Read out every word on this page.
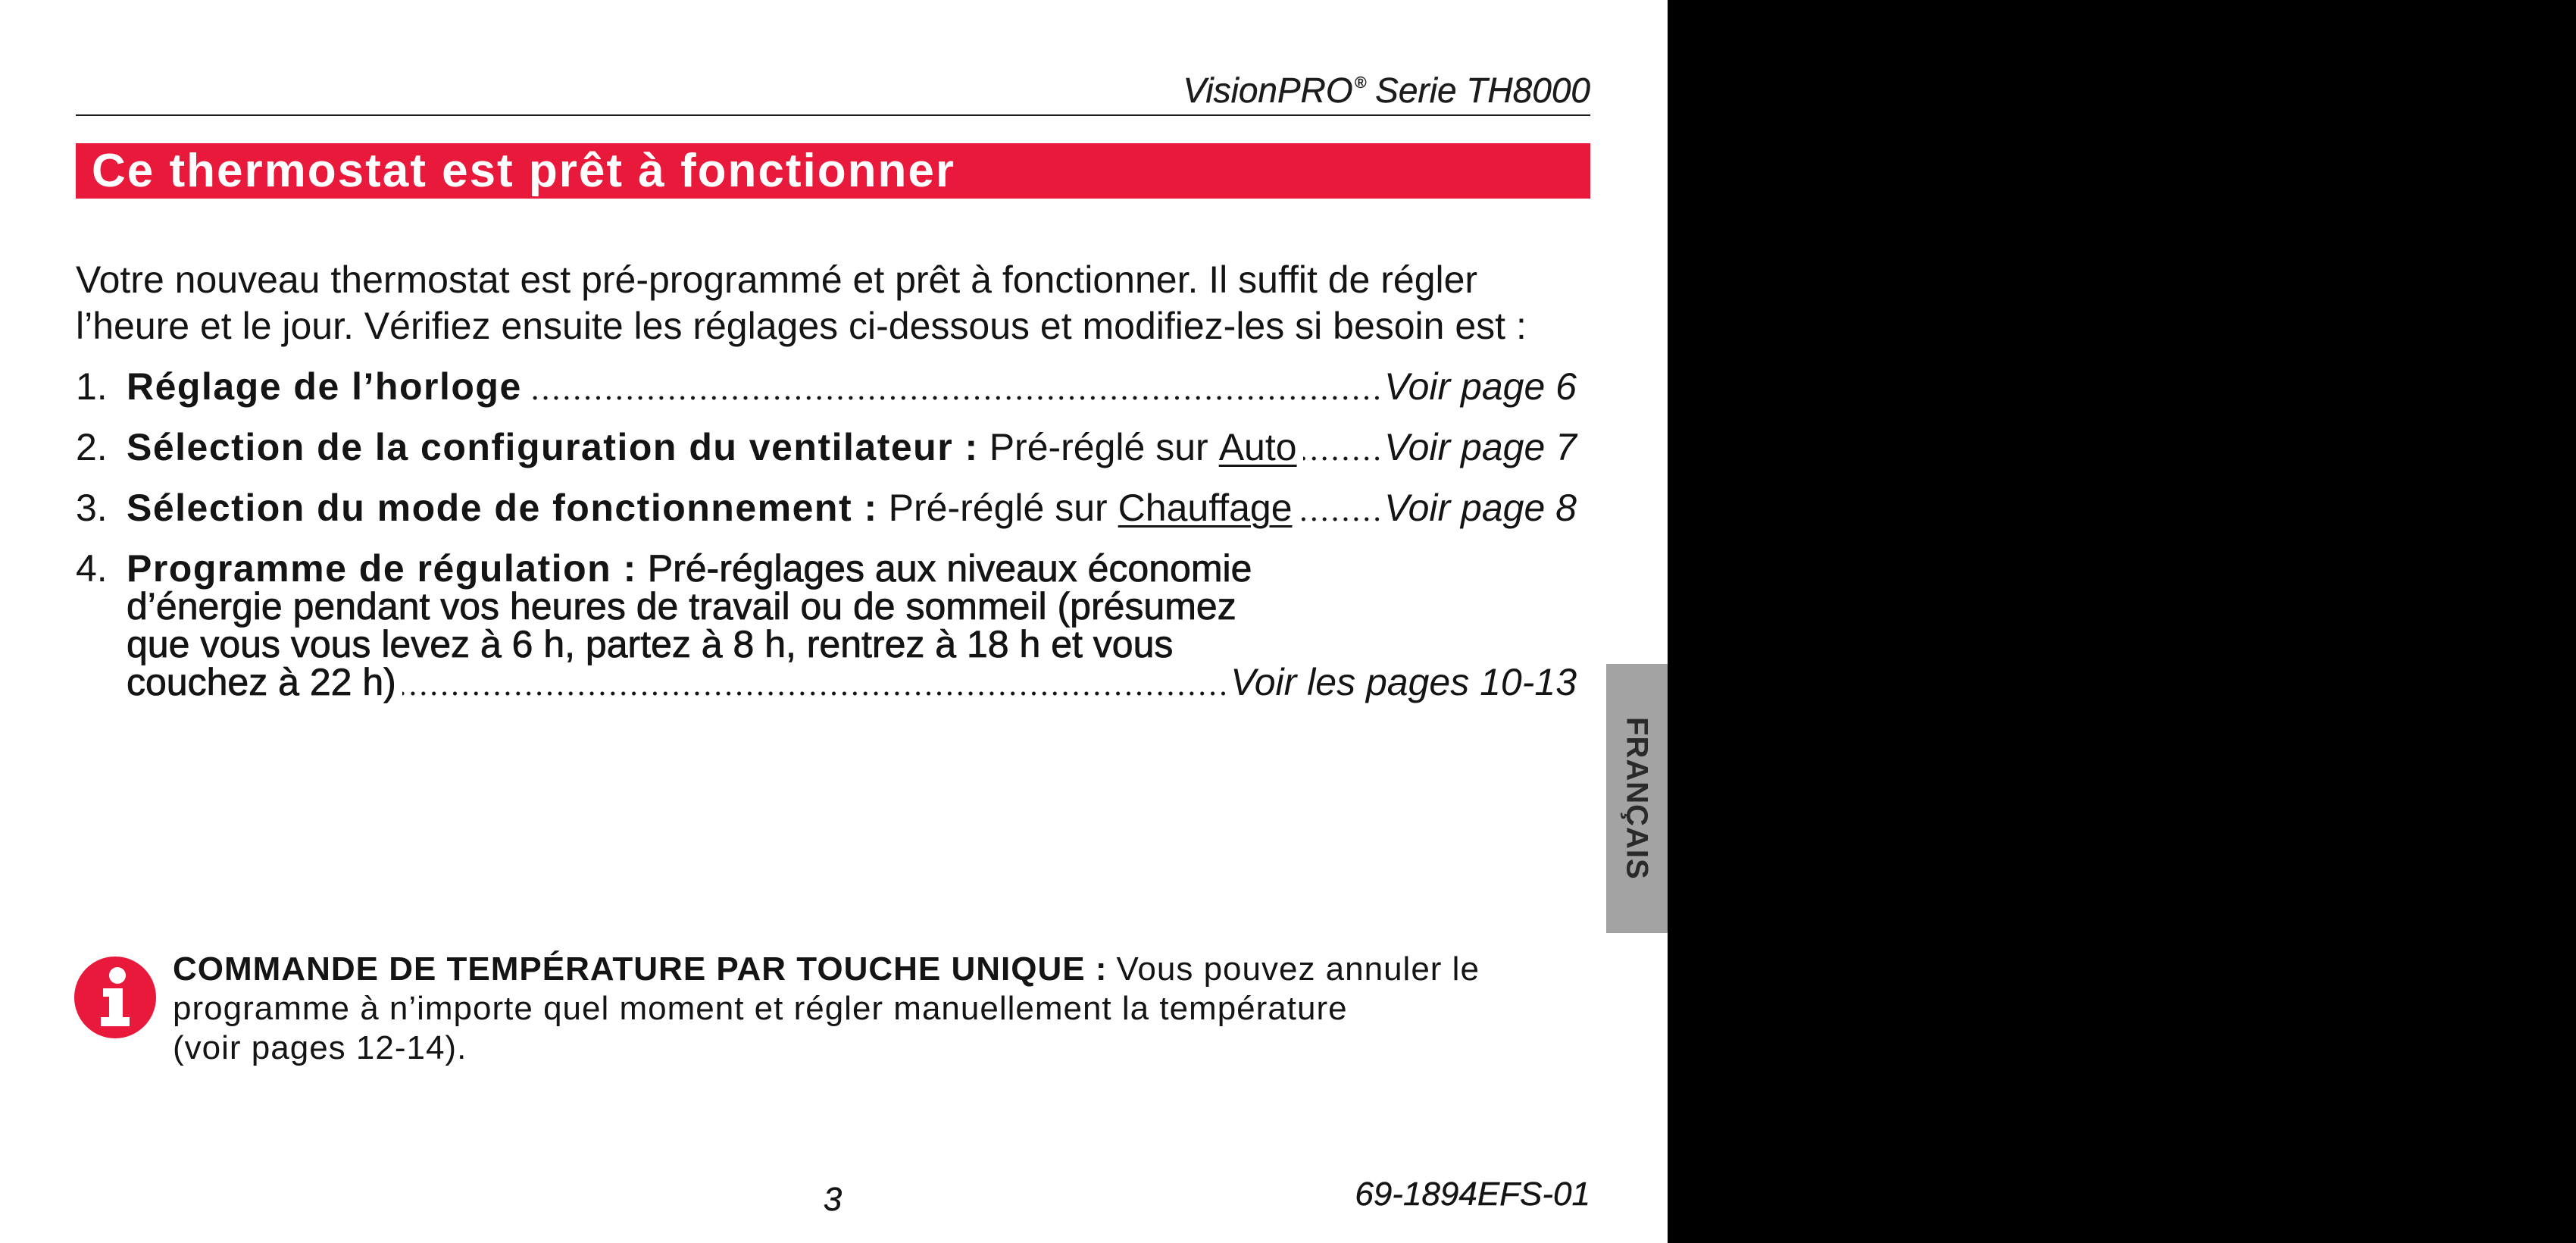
VisionPRO® Serie TH8000
Ce thermostat est prêt à fonctionner
Votre nouveau thermostat est pré-programmé et prêt à fonctionner. Il suffit de régler
l’heure et le jour. Vérifiez ensuite les réglages ci-dessous et modifiez-les si besoin est :
1. Réglage de l’horloge	Voir page 6
2. Sélection de la configuration du ventilateur : Pré-réglé sur Auto Voir page 7
3. Sélection du mode de fonctionnement : Pré-réglé sur Chauffage Voir page 8
4. Programme de régulation : Pré-réglages aux niveaux économie
d’énergie pendant vos heures de travail ou de sommeil (présumez
que vous vous levez à 6 h, partez à 8 h, rentrez à 18 h et vous
couchez à 22 h)	Voir les pages 10-13
FRANÇAIS
COMMANDE DE TEMPÉRATURE PAR TOUCHE UNIQUE : Vous pouvez annuler le
programme à n’importe quel moment et régler manuellement la température
(voir pages 12-14).
3	69-1894EFS-01
